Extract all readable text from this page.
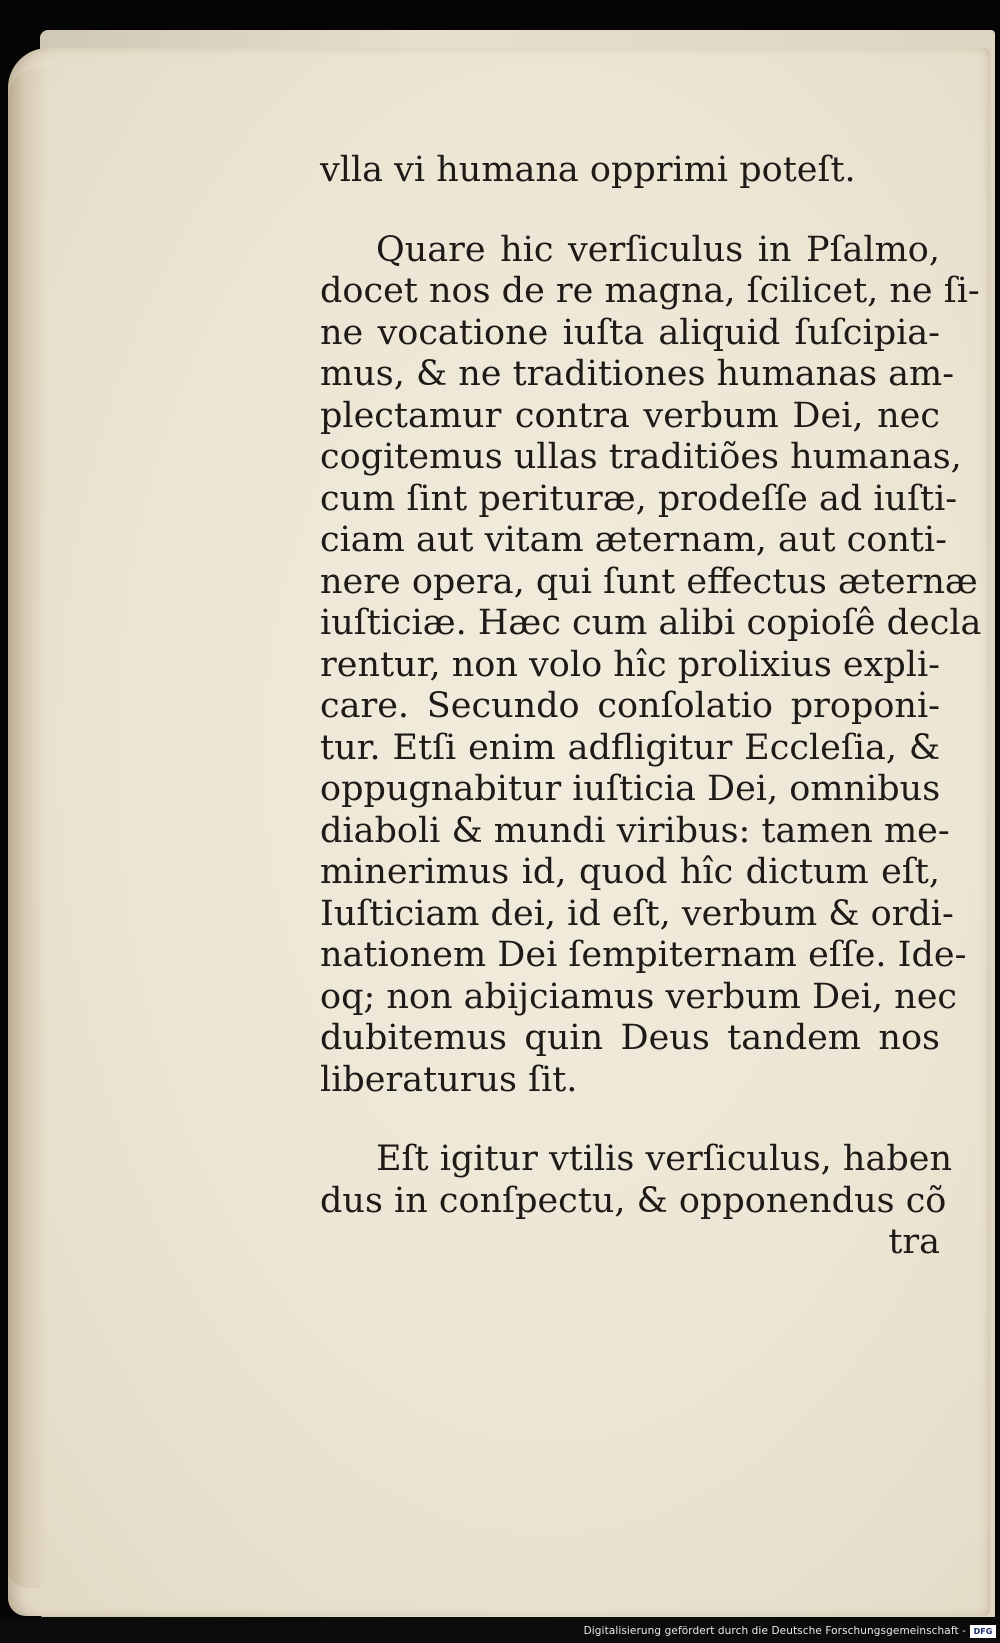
vlla vi humana opprimi poteſt.
Quare hic verſiculus in Pſalmo,
docet nos de re magna, ſcilicet, ne ſi-
ne vocatione iuſta aliquid ſuſcipia-
mus, & ne traditiones humanas am-
plectamur contra verbum Dei, nec
cogitemus ullas traditiões humanas,
cum ſint perituræ, prodeſſe ad iuſti-
ciam aut vitam æternam, aut conti-
nere opera, qui ſunt effectus æternæ
iuſticiæ. Hæc cum alibi copioſê decla
rentur, non volo hîc prolixius expli-
care. Secundo conſolatio proponi-
tur. Etſi enim adfligitur Eccleſia, &
oppugnabitur iuſticia Dei, omnibus
diaboli & mundi viribus: tamen me-
minerimus id, quod hîc dictum eſt,
Iuſticiam dei, id eſt, verbum & ordi-
nationem Dei ſempiternam eſſe. Ide-
oq; non abijciamus verbum Dei, nec
dubitemus quin Deus tandem nos
liberaturus ſit.
Eſt igitur vtilis verſiculus, haben
dus in conſpectu, & opponendus cõ
tra
Digitalisierung gefördert durch die Deutsche Forschungsgemeinschaft - DFG
